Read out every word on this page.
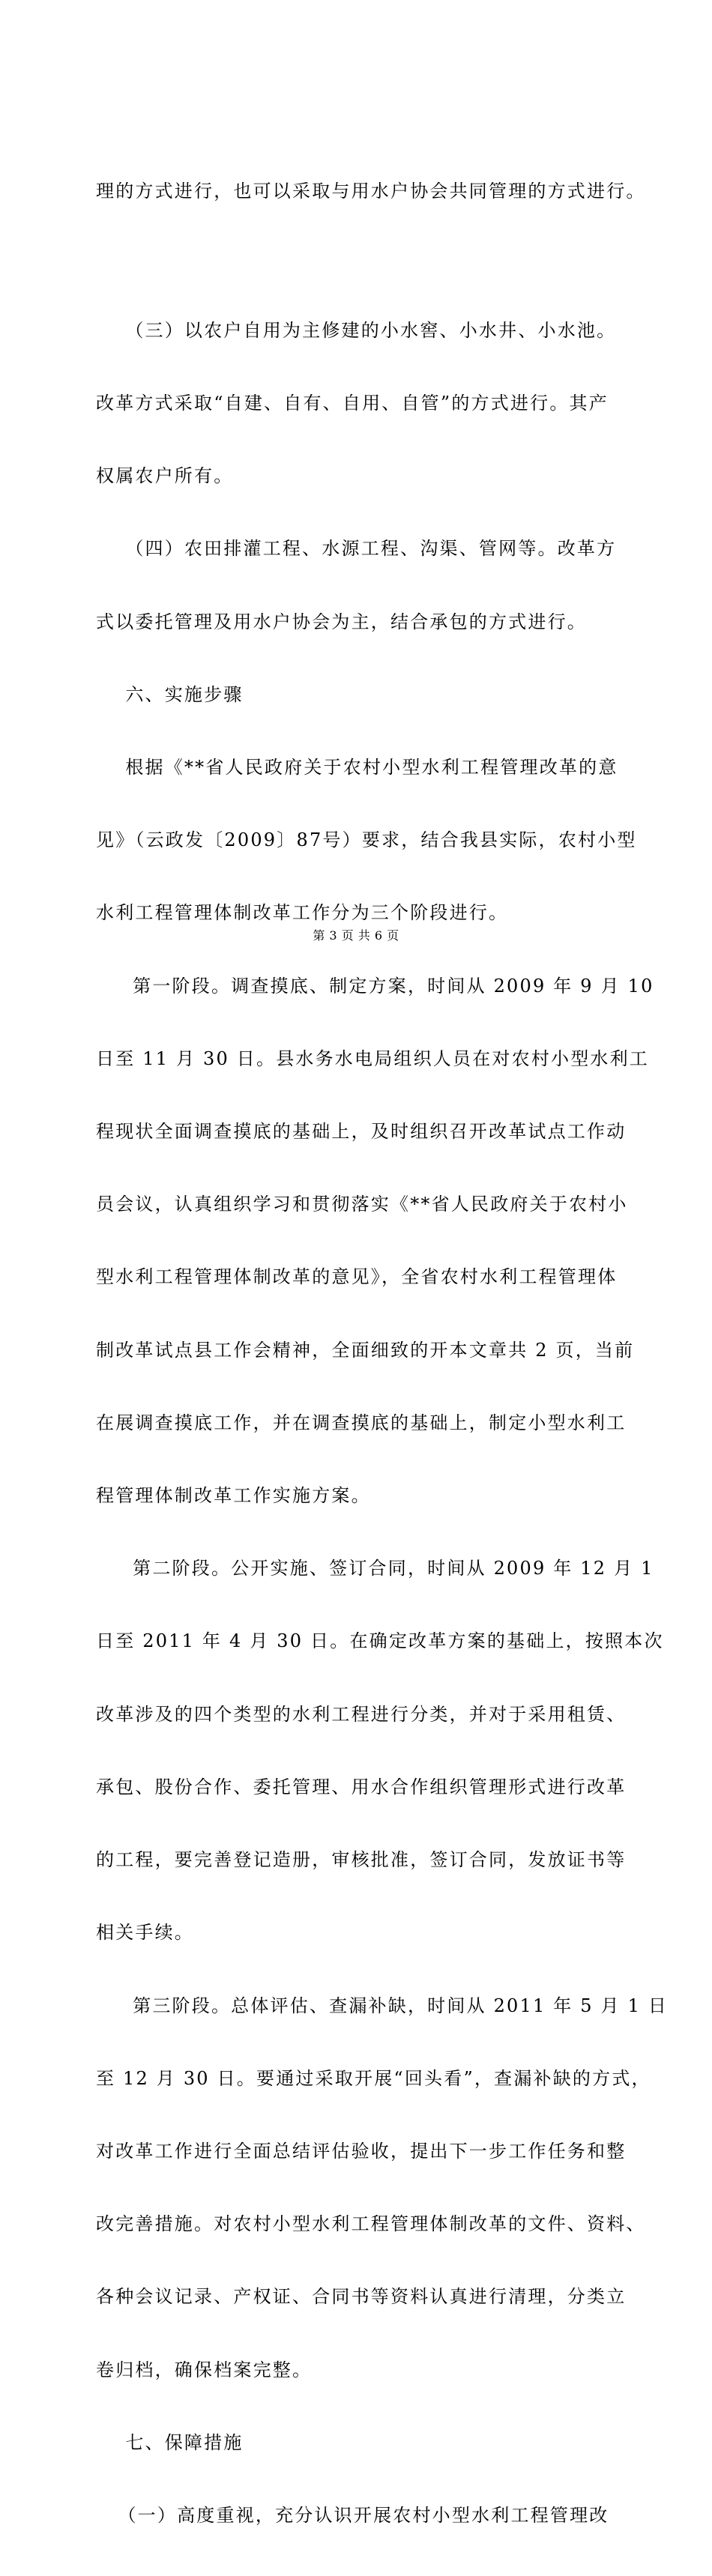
理的方式进行，也可以采取与用水户协会共同管理的方式进行。

（三）以农户自用为主修建的小水窖、小水井、小水池。

改革方式采取“自建、自有、自用、自管”的方式进行。其产

权属农户所有。

（四）农田排灌工程、水源工程、沟渠、管网等。改革方

式以委托管理及用水户协会为主，结合承包的方式进行。

六、实施步骤

根据《**省人民政府关于农村小型水利工程管理改革的意

见》（云政发〔2009〕87号）要求，结合我县实际，农村小型

水利工程管理体制改革工作分为三个阶段进行。

第一阶段。调查摸底、制定方案，时间从 2009 年 9 月 10

日至 11 月 30 日。县水务水电局组织人员在对农村小型水利工

程现状全面调查摸底的基础上，及时组织召开改革试点工作动

员会议，认真组织学习和贯彻落实《**省人民政府关于农村小

型水利工程管理体制改革的意见》，全省农村水利工程管理体

制改革试点县工作会精神，全面细致的开本文章共 2 页，当前

在展调查摸底工作，并在调查摸底的基础上，制定小型水利工

程管理体制改革工作实施方案。

第二阶段。公开实施、签订合同，时间从 2009 年 12 月 1

日至 2011 年 4 月 30 日。在确定改革方案的基础上，按照本次

改革涉及的四个类型的水利工程进行分类，并对于采用租赁、

承包、股份合作、委托管理、用水合作组织管理形式进行改革

的工程，要完善登记造册，审核批准，签订合同，发放证书等

相关手续。

第三阶段。总体评估、查漏补缺，时间从 2011 年 5 月 1 日

至 12 月 30 日。要通过采取开展“回头看”，查漏补缺的方式，

对改革工作进行全面总结评估验收，提出下一步工作任务和整

改完善措施。对农村小型水利工程管理体制改革的文件、资料、

各种会议记录、产权证、合同书等资料认真进行清理，分类立

卷归档，确保档案完整。

七、保障措施

（一）高度重视，充分认识开展农村小型水利工程管理改

第 3 页 共 6 页
